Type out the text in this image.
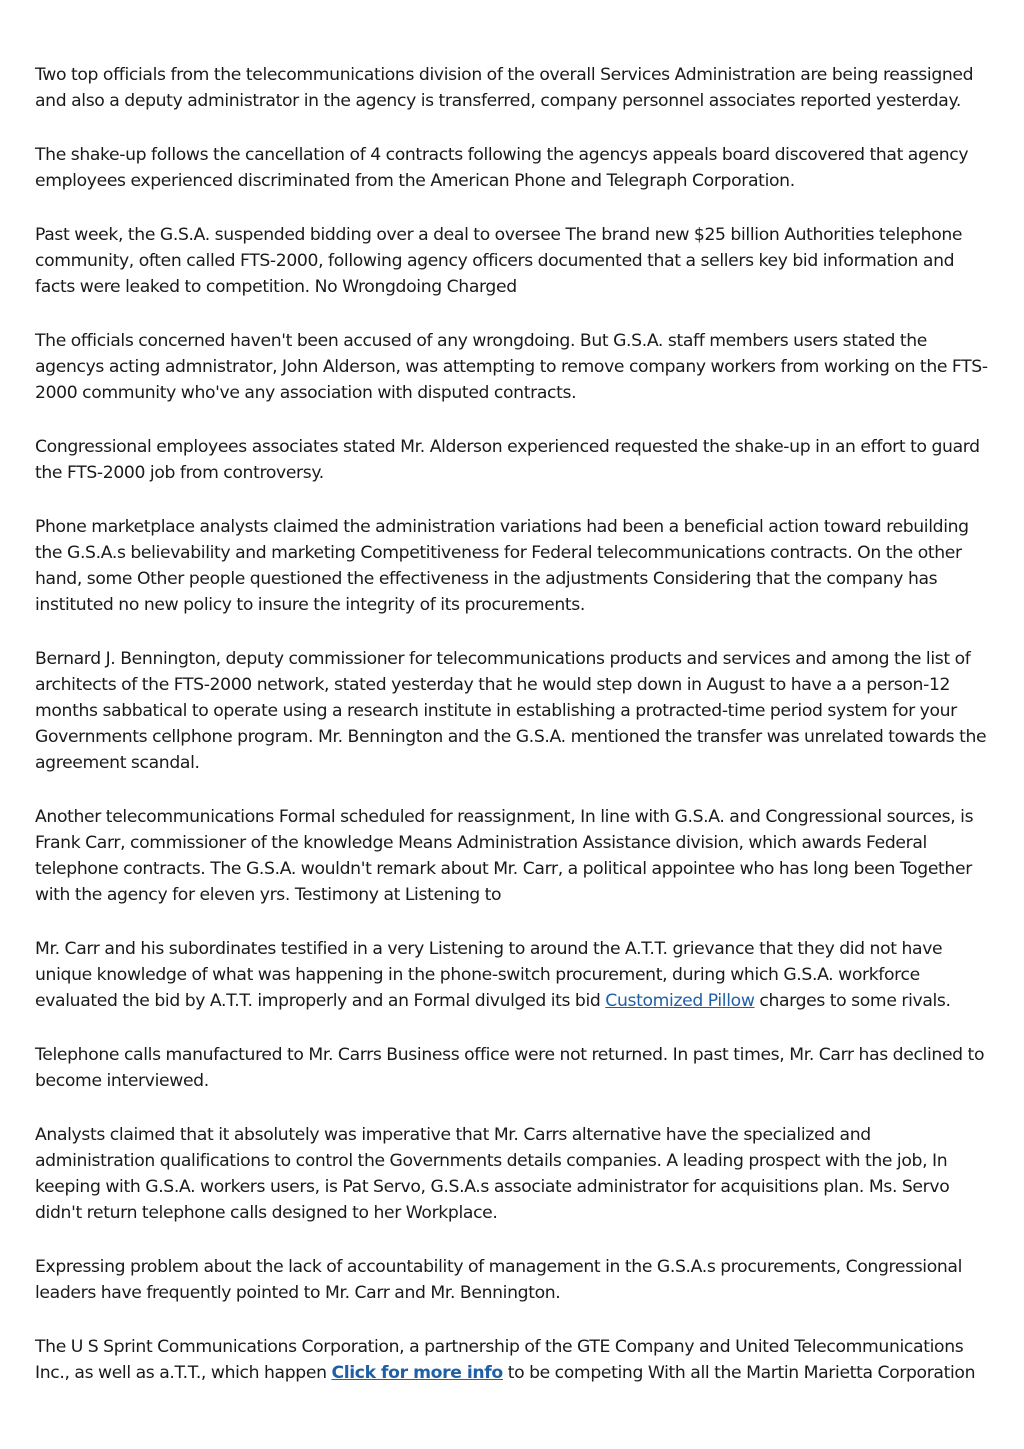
Two top officials from the telecommunications division of the overall Services Administration are being reassigned and also a deputy administrator in the agency is transferred, company personnel associates reported yesterday.

The shake-up follows the cancellation of 4 contracts following the agencys appeals board discovered that agency employees experienced discriminated from the American Phone and Telegraph Corporation.

Past week, the G.S.A. suspended bidding over a deal to oversee The brand new $25 billion Authorities telephone community, often called FTS-2000, following agency officers documented that a sellers key bid information and facts were leaked to competition. No Wrongdoing Charged

The officials concerned haven't been accused of any wrongdoing. But G.S.A. staff members users stated the agencys acting admnistrator, John Alderson, was attempting to remove company workers from working on the FTS-2000 community who've any association with disputed contracts.

Congressional employees associates stated Mr. Alderson experienced requested the shake-up in an effort to guard the FTS-2000 job from controversy.

Phone marketplace analysts claimed the administration variations had been a beneficial action toward rebuilding the G.S.A.s believability and marketing Competitiveness for Federal telecommunications contracts. On the other hand, some Other people questioned the effectiveness in the adjustments Considering that the company has instituted no new policy to insure the integrity of its procurements.

Bernard J. Bennington, deputy commissioner for telecommunications products and services and among the list of architects of the FTS-2000 network, stated yesterday that he would step down in August to have a a person-12 months sabbatical to operate using a research institute in establishing a protracted-time period system for your Governments cellphone program. Mr. Bennington and the G.S.A. mentioned the transfer was unrelated towards the agreement scandal.

Another telecommunications Formal scheduled for reassignment, In line with G.S.A. and Congressional sources, is Frank Carr, commissioner of the knowledge Means Administration Assistance division, which awards Federal telephone contracts. The G.S.A. wouldn't remark about Mr. Carr, a political appointee who has long been Together with the agency for eleven yrs. Testimony at Listening to

Mr. Carr and his subordinates testified in a very Listening to around the A.T.T. grievance that they did not have unique knowledge of what was happening in the phone-switch procurement, during which G.S.A. workforce evaluated the bid by A.T.T. improperly and an Formal divulged its bid Customized Pillow charges to some rivals.

Telephone calls manufactured to Mr. Carrs Business office were not returned. In past times, Mr. Carr has declined to become interviewed.

Analysts claimed that it absolutely was imperative that Mr. Carrs alternative have the specialized and administration qualifications to control the Governments details companies. A leading prospect with the job, In keeping with G.S.A. workers users, is Pat Servo, G.S.A.s associate administrator for acquisitions plan. Ms. Servo didn't return telephone calls designed to her Workplace.

Expressing problem about the lack of accountability of management in the G.S.A.s procurements, Congressional leaders have frequently pointed to Mr. Carr and Mr. Bennington.

The U S Sprint Communications Corporation, a partnership of the GTE Company and United Telecommunications Inc., as well as a.T.T., which happen Click for more info to be competing With all the Martin Marietta Corporation
